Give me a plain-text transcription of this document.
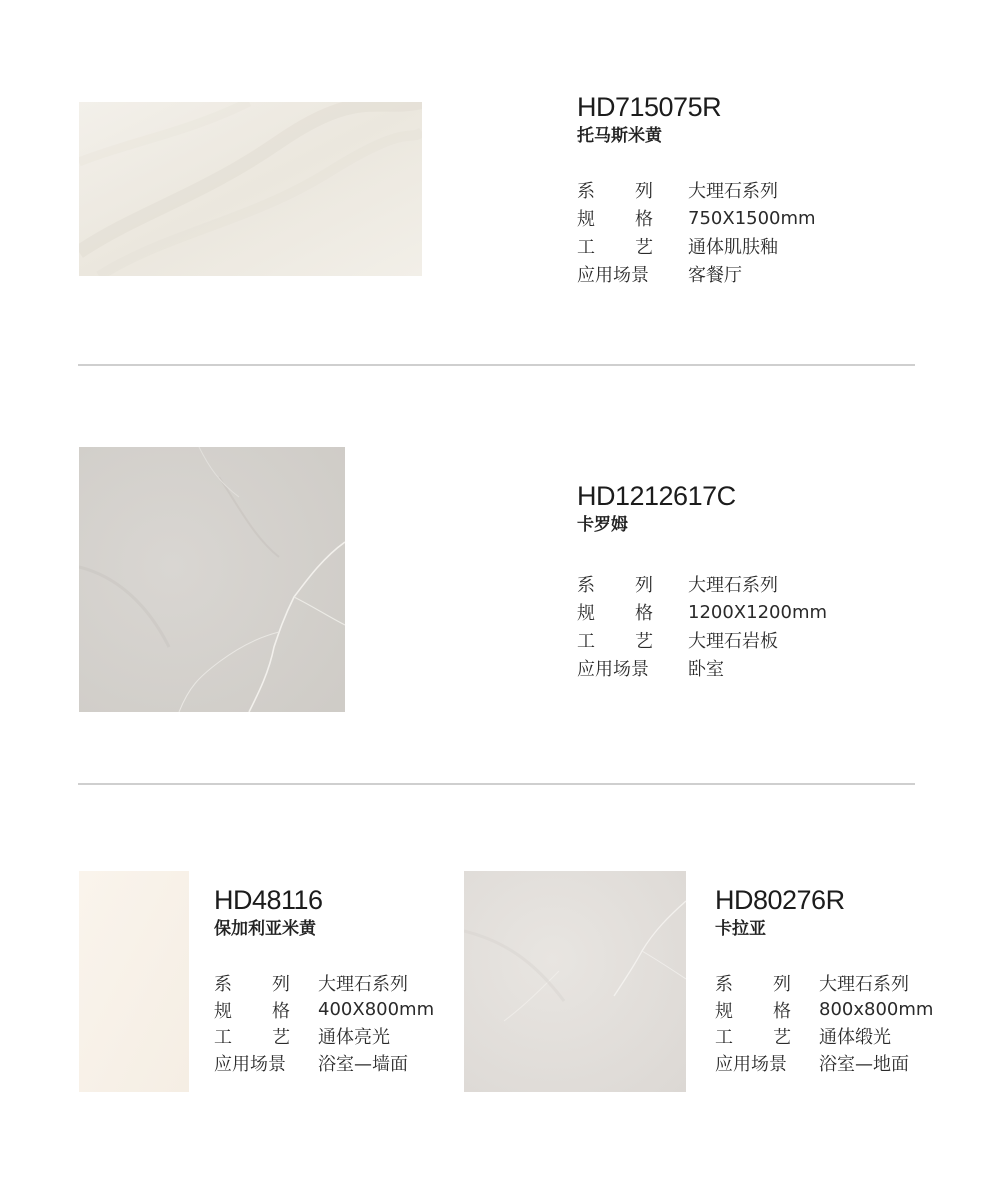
HD715075R
托马斯米黄
系 列 大理石系列
规 格 750X1500mm
工 艺 通体肌肤釉
应用场景 客餐厅
HD1212617C
卡罗姆
系 列 大理石系列
规 格 1200X1200mm
工 艺 大理石岩板
应用场景 卧室
HD48116
保加利亚米黄
系 列 大理石系列
规 格 400X800mm
工 艺 通体亮光
应用场景 浴室—墙面
HD80276R
卡拉亚
系 列 大理石系列
规 格 800x800mm
工 艺 通体缎光
应用场景 浴室—地面
